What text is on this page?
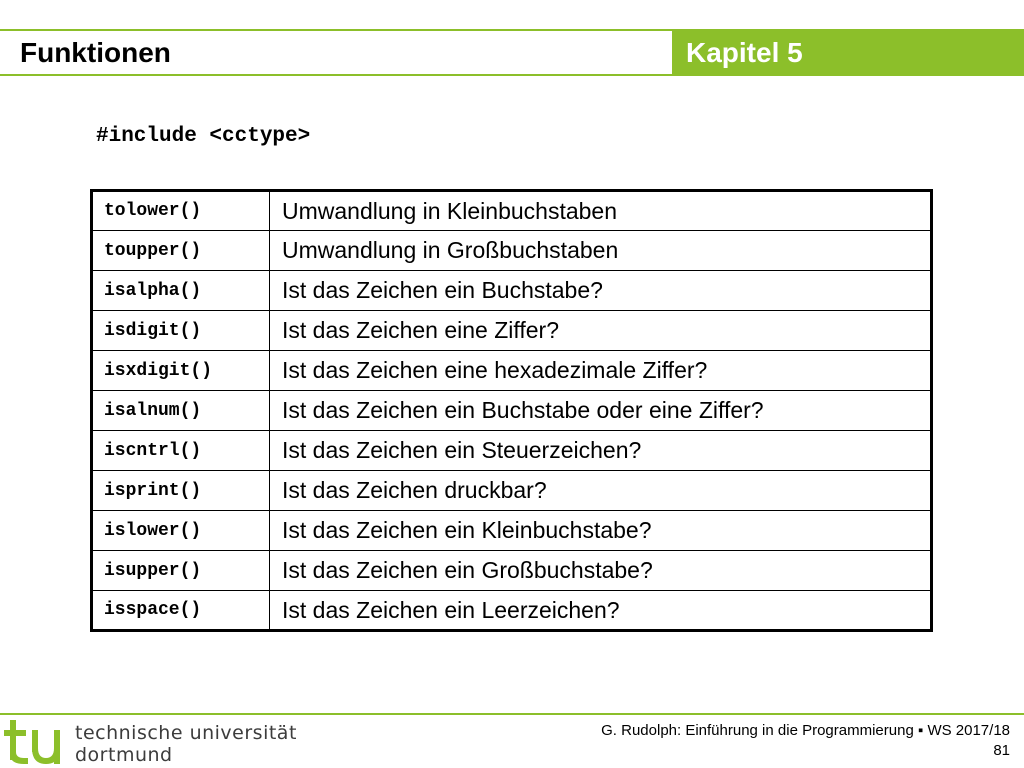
Funktionen	Kapitel 5
#include <cctype>
tolower()	Umwandlung in Kleinbuchstaben
toupper()	Umwandlung in Großbuchstaben
isalpha()	Ist das Zeichen ein Buchstabe?
isdigit()	Ist das Zeichen eine Ziffer?
isxdigit()	Ist das Zeichen eine hexadezimale Ziffer?
isalnum()	Ist das Zeichen ein Buchstabe oder eine Ziffer?
iscntrl()	Ist das Zeichen ein Steuerzeichen?
isprint()	Ist das Zeichen druckbar?
islower()	Ist das Zeichen ein Kleinbuchstabe?
isupper()	Ist das Zeichen ein Großbuchstabe?
isspace()	Ist das Zeichen ein Leerzeichen?
technische universität
dortmund
G. Rudolph: Einführung in die Programmierung ▪ WS 2017/18
81
